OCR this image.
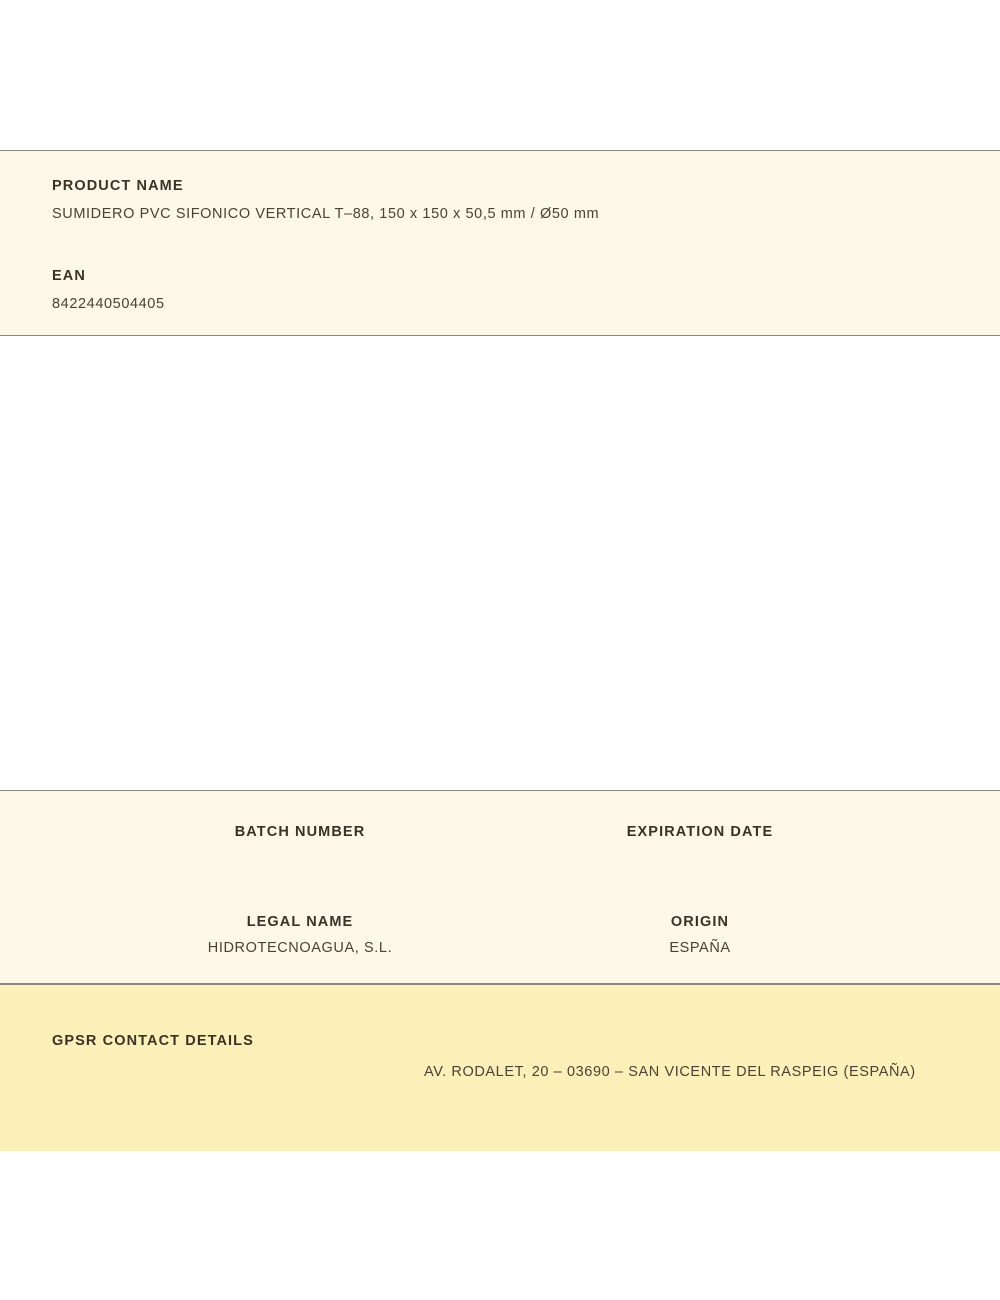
PRODUCT NAME
SUMIDERO PVC SIFONICO VERTICAL T–88, 150 x 150 x 50,5 mm / Ø50 mm
EAN
8422440504405
BATCH NUMBER	EXPIRATION DATE
LEGAL NAME
HIDROTECNOAGUA, S.L.
ORIGIN
ESPAÑA
GPSR CONTACT DETAILS
AV. RODALET, 20 – 03690 – SAN VICENTE DEL RASPEIG (ESPAÑA)
